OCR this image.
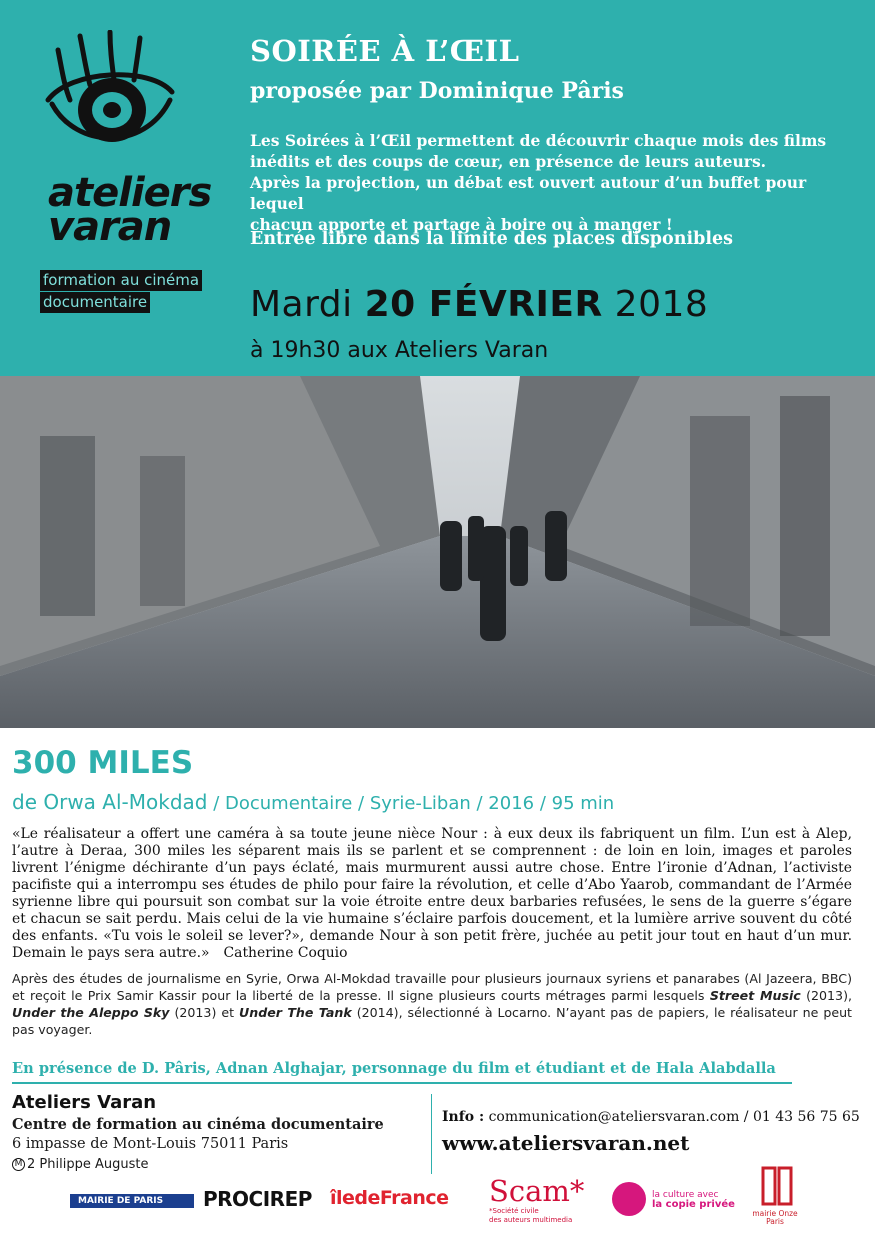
ateliers
varan
formation au cinéma
documentaire
SOIRÉE À L’ŒIL
proposée par Dominique Pâris

Les Soirées à l’Œil permettent de découvrir chaque mois des films

inédits et des coups de cœur, en présence de leurs auteurs.

Après la projection, un débat est ouvert autour d’un buffet pour lequel

chacun apporte et partage à boire ou à manger !

Entrée libre dans la limite des places disponibles
Mardi 20 FÉVRIER 2018
à 19h30 aux Ateliers Varan
300 MILES
de Orwa Al-Mokdad / Documentaire / Syrie-Liban / 2016 / 95 min
«Le réalisateur a offert une caméra à sa toute jeune nièce Nour : à eux deux ils fabriquent un film. L’un est à Alep, l’autre à Deraa, 300 miles les séparent mais ils se parlent et se comprennent : de loin en loin, images et paroles livrent l’énigme déchirante d’un pays éclaté, mais murmurent aussi autre chose. Entre l’ironie d’Adnan, l’activiste pacifiste qui a interrompu ses études de philo pour faire la révolution, et celle d’Abo Yaarob, commandant de l’Armée syrienne libre qui poursuit son combat sur la voie étroite entre deux barbaries refusées, le sens de la guerre s’égare et chacun se sait perdu. Mais celui de la vie humaine s’éclaire parfois doucement, et la lumière arrive souvent du côté des enfants. «Tu vois le soleil se lever?», demande Nour à son petit frère, juchée au petit jour tout en haut d’un mur. Demain le pays sera autre.» Catherine Coquio
Après des études de journalisme en Syrie, Orwa Al-Mokdad travaille pour plusieurs journaux syriens et panarabes (Al Jazeera, BBC) et reçoit le Prix Samir Kassir pour la liberté de la presse. Il signe plusieurs courts métrages parmi lesquels Street Music (2013), Under the Aleppo Sky (2013) et Under The Tank (2014), sélectionné à Locarno. N’ayant pas de papiers, le réalisateur ne peut pas voyager.
En présence de D. Pâris, Adnan Alghajar, personnage du film et étudiant et de Hala Alabdalla
Ateliers Varan
Centre de formation au cinéma documentaire
6 impasse de Mont-Louis 75011 Paris
M 2 Philippe Auguste
Info : communication@ateliersvaran.com / 01 43 56 75 65
www.ateliersvaran.net
MAIRIE DE PARIS	PROCIREP îledeFrance Scam*
*Société civile
des auteurs multimedia
la culture avec
la copie privée
mairie Onze
Paris
